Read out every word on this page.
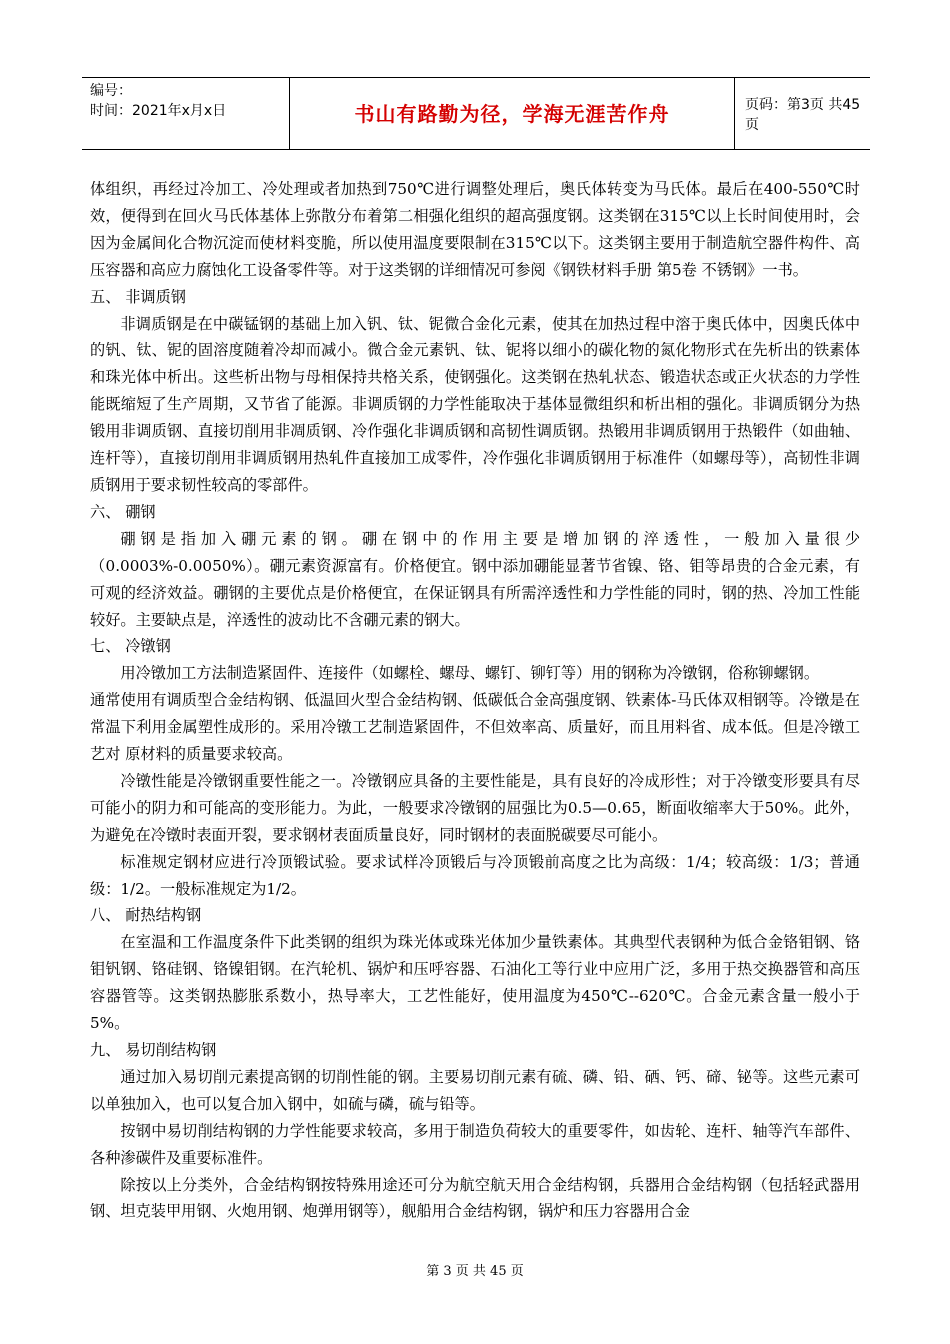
编号：
时间：2021年x月x日	书山有路勤为径，学海无涯苦作舟	页码：第3页 共45页

体组织，再经过冷加工、冷处理或者加热到750℃进行调整处理后，奥氏体转变为马氏体。最后在400-550℃时效，便得到在回火马氏体基体上弥散分布着第二相强化组织的超高强度钢。这类钢在315℃以上长时间使用时，会因为金属间化合物沉淀而使材料变脆，所以使用温度要限制在315℃以下。这类钢主要用于制造航空器件构件、高压容器和高应力腐蚀化工设备零件等。对于这类钢的详细情况可参阅《钢铁材料手册 第5卷 不锈钢》一书。

五、 非调质钢

非调质钢是在中碳锰钢的基础上加入钒、钛、铌微合金化元素，使其在加热过程中溶于奥氏体中，因奥氏体中的钒、钛、铌的固溶度随着冷却而减小。微合金元素钒、钛、铌将以细小的碳化物的氮化物形式在先析出的铁素体和珠光体中析出。这些析出物与母相保持共格关系，使钢强化。这类钢在热轧状态、锻造状态或正火状态的力学性能既缩短了生产周期，又节省了能源。非调质钢的力学性能取决于基体显微组织和析出相的强化。非调质钢分为热锻用非调质钢、直接切削用非凋质钢、冷作强化非调质钢和高韧性调质钢。热锻用非调质钢用于热锻件（如曲轴、连杆等），直接切削用非调质钢用热轧件直接加工成零件，冷作强化非调质钢用于标准件（如螺母等），高韧性非调质钢用于要求韧性较高的零部件。

六、 硼钢

硼钢是指加入硼元素的钢。硼在钢中的作用主要是增加钢的淬透性，一般加入量很少（0.0003%-0.0050%）。硼元素资源富有。价格便宜。钢中添加硼能显著节省镍、铬、钼等昂贵的合金元素，有可观的经济效益。硼钢的主要优点是价格便宜，在保证钢具有所需淬透性和力学性能的同时，钢的热、冷加工性能较好。主要缺点是，淬透性的波动比不含硼元素的钢大。

七、 冷镦钢

用冷镦加工方法制造紧固件、连接件（如螺栓、螺母、螺钉、铆钉等）用的钢称为冷镦钢，俗称铆螺钢。

通常使用有调质型合金结构钢、低温回火型合金结构钢、低碳低合金高强度钢、铁素体-马氏体双相钢等。冷镦是在常温下利用金属塑性成形的。采用冷镦工艺制造紧固件，不但效率高、质量好，而且用料省、成本低。但是冷镦工艺对 原材料的质量要求较高。

冷镦性能是冷镦钢重要性能之一。冷镦钢应具备的主要性能是，具有良好的冷成形性；对于冷镦变形要具有尽可能小的阴力和可能高的变形能力。为此，一般要求冷镦钢的屈强比为0.5—0.65，断面收缩率大于50%。此外，为避免在冷镦时表面开裂，要求钢材表面质量良好，同时钢材的表面脱碳要尽可能小。

标准规定钢材应进行冷顶锻试验。要求试样冷顶锻后与冷顶锻前高度之比为高级：1/4；较高级：1/3；普通级：1/2。一般标准规定为1/2。

八、 耐热结构钢

在室温和工作温度条件下此类钢的组织为珠光体或珠光体加少量铁素体。其典型代表钢种为低合金铬钼钢、铬钼钒钢、铬硅钢、铬镍钼钢。在汽轮机、锅炉和压呼容器、石油化工等行业中应用广泛，多用于热交换器管和高压容器管等。这类钢热膨胀系数小，热导率大，工艺性能好，使用温度为450℃--620℃。合金元素含量一般小于5%。

九、 易切削结构钢

通过加入易切削元素提高钢的切削性能的钢。主要易切削元素有硫、磷、铅、硒、钙、碲、铋等。这些元素可以单独加入，也可以复合加入钢中，如硫与磷，硫与铅等。

按钢中易切削结构钢的力学性能要求较高，多用于制造负荷较大的重要零件，如齿轮、连杆、轴等汽车部件、各种渗碳件及重要标准件。

除按以上分类外，合金结构钢按特殊用途还可分为航空航天用合金结构钢，兵器用合金结构钢（包括轻武器用钢、坦克装甲用钢、火炮用钢、炮弹用钢等），舰船用合金结构钢，锅炉和压力容器用合金

第 3 页 共 45 页
